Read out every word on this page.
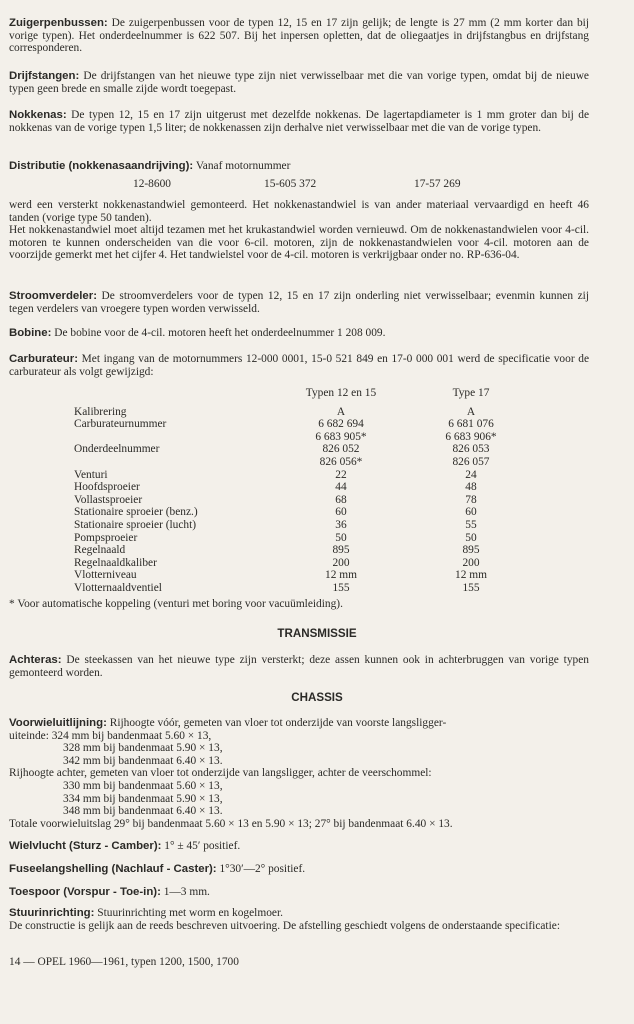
Zuigerpenbussen: De zuigerpenbussen voor de typen 12, 15 en 17 zijn gelijk; de lengte is 27 mm (2 mm korter dan bij vorige typen). Het onderdeelnummer is 622 507. Bij het inpersen opletten, dat de oliegaatjes in drijfstangbus en drijfstang corresponderen.

Drijfstangen: De drijfstangen van het nieuwe type zijn niet verwisselbaar met die van vorige typen, omdat bij de nieuwe typen geen brede en smalle zijde wordt toegepast.

Nokkenas: De typen 12, 15 en 17 zijn uitgerust met dezelfde nokkenas. De lagertapdiameter is 1 mm groter dan bij de nokkenas van de vorige typen 1,5 liter; de nokkenassen zijn derhalve niet verwisselbaar met die van de vorige typen.

Distributie (nokkenasaandrijving): Vanaf motornummer

12-8600	15-605 372	17-57 269

werd een versterkt nokkenastandwiel gemonteerd. Het nokkenastandwiel is van ander materiaal vervaardigd en heeft 46 tanden (vorige type 50 tanden).

Het nokkenastandwiel moet altijd tezamen met het krukastandwiel worden vernieuwd. Om de nokkenastandwielen voor 4-cil. motoren te kunnen onderscheiden van die voor 6-cil. motoren, zijn de nokkenastandwielen voor 4-cil. motoren aan de voorzijde gemerkt met het cijfer 4. Het tandwielstel voor de 4-cil. motoren is verkrijgbaar onder no. RP-636-04.

Stroomverdeler: De stroomverdelers voor de typen 12, 15 en 17 zijn onderling niet verwisselbaar; evenmin kunnen zij tegen verdelers van vroegere typen worden verwisseld.

Bobine: De bobine voor de 4-cil. motoren heeft het onderdeelnummer 1 208 009.

Carburateur: Met ingang van de motornummers 12-000 0001, 15-0 521 849 en 17-0 000 001 werd de specificatie voor de carburateur als volgt gewijzigd:

	Typen 12 en 15	Type 17

Kalibrering	A	A
Carburateurnummer	6 682 694	6 681 076
	6 683 905*	6 683 906*
Onderdeelnummer	826 052	826 053
	826 056*	826 057
Venturi	22	24
Hoofdsproeier	44	48
Vollastsproeier	68	78
Stationaire sproeier (benz.)	60	60
Stationaire sproeier (lucht)	36	55
Pompsproeier	50	50
Regelnaald	895	895
Regelnaaldkaliber	200	200
Vlotterniveau	12 mm	12 mm
Vlotternaaldventiel	155	155

* Voor automatische koppeling (venturi met boring voor vacuümleiding).

TRANSMISSIE

Achteras: De steekassen van het nieuwe type zijn versterkt; deze assen kunnen ook in achterbruggen van vorige typen gemonteerd worden.

CHASSIS

Voorwieluitlijning: Rijhoogte vóór, gemeten van vloer tot onderzijde van voorste langsligger-

uiteinde: 324 mm bij bandenmaat 5.60 × 13,

328 mm bij bandenmaat 5.90 × 13,

342 mm bij bandenmaat 6.40 × 13.

Rijhoogte achter, gemeten van vloer tot onderzijde van langsligger, achter de veerschommel:

330 mm bij bandenmaat 5.60 × 13,

334 mm bij bandenmaat 5.90 × 13,

348 mm bij bandenmaat 6.40 × 13.

Totale voorwieluitslag 29° bij bandenmaat 5.60 × 13 en 5.90 × 13; 27° bij bandenmaat 6.40 × 13.

Wielvlucht (Sturz - Camber): 1° ± 45′ positief.

Fuseelangshelling (Nachlauf - Caster): 1°30′—2° positief.

Toespoor (Vorspur - Toe-in): 1—3 mm.

Stuurinrichting: Stuurinrichting met worm en kogelmoer.

De constructie is gelijk aan de reeds beschreven uitvoering. De afstelling geschiedt volgens de onderstaande specificatie:

14 — OPEL 1960—1961, typen 1200, 1500, 1700
